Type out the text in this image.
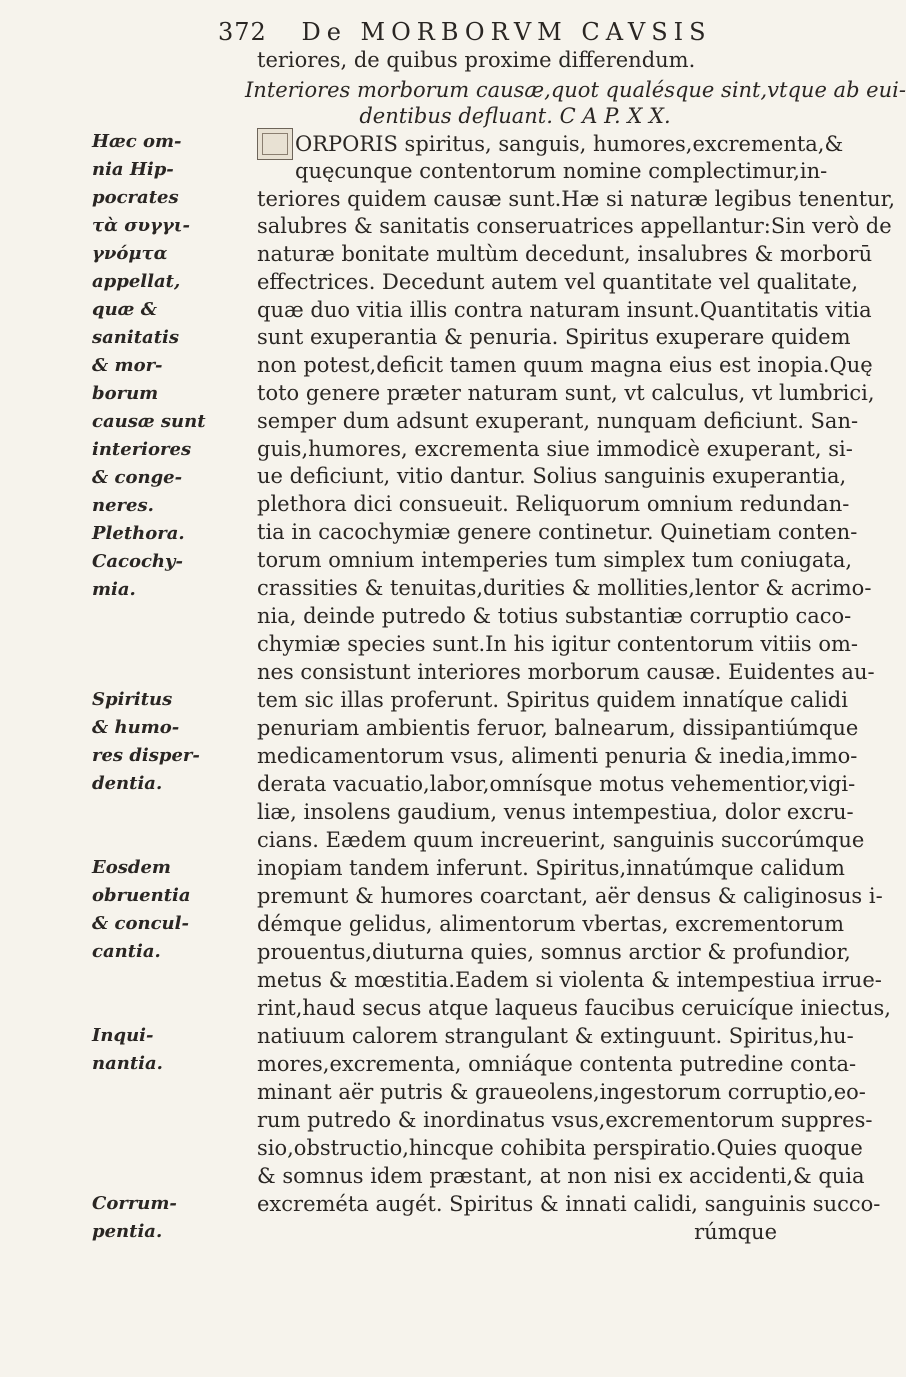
372 De MORBORVM CAVSIS
teriores, de quibus proxime differendum.
Interiores morborum causæ,quot qualésque sint,vtque ab eui-
dentibus defluant. C A P. X X.
ORPORIS spiritus, sanguis, humores,excrementa,&
quęcunque contentorum nomine complectimur,in-
teriores quidem causæ sunt.Hæ si naturæ legibus tenentur,
salubres & sanitatis conseruatrices appellantur:Sin verò de
naturæ bonitate multùm decedunt, insalubres & morborū
effectrices. Decedunt autem vel quantitate vel qualitate,
quæ duo vitia illis contra naturam insunt.Quantitatis vitia
sunt exuperantia & penuria. Spiritus exuperare quidem
non potest,deficit tamen quum magna eius est inopia.Quę
toto genere præter naturam sunt, vt calculus, vt lumbrici,
semper dum adsunt exuperant, nunquam deficiunt. San-
guis,humores, excrementa siue immodicè exuperant, si-
ue deficiunt, vitio dantur. Solius sanguinis exuperantia,
plethora dici consueuit. Reliquorum omnium redundan-
tia in cacochymiæ genere continetur. Quinetiam conten-
torum omnium intemperies tum simplex tum coniugata,
crassities & tenuitas,durities & mollities,lentor & acrimo-
nia, deinde putredo & totius substantiæ corruptio caco-
chymiæ species sunt.In his igitur contentorum vitiis om-
nes consistunt interiores morborum causæ. Euidentes au-
tem sic illas proferunt. Spiritus quidem innatíque calidi
penuriam ambientis feruor, balnearum, dissipantiúmque
medicamentorum vsus, alimenti penuria & inedia,immo-
derata vacuatio,labor,omnísque motus vehementior,vigi-
liæ, insolens gaudium, venus intempestiua, dolor excru-
cians. Eædem quum increuerint, sanguinis succorúmque
inopiam tandem inferunt. Spiritus,innatúmque calidum
premunt & humores coarctant, aër densus & caliginosus i-
démque gelidus, alimentorum vbertas, excrementorum
prouentus,diuturna quies, somnus arctior & profundior,
metus & mœstitia.Eadem si violenta & intempestiua irrue-
rint,haud secus atque laqueus faucibus ceruicíque iniectus,
natiuum calorem strangulant & extinguunt. Spiritus,hu-
mores,excrementa, omniáque contenta putredine conta-
minant aër putris & graueolens,ingestorum corruptio,eo-
rum putredo & inordinatus vsus,excrementorum suppres-
sio,obstructio,hincque cohibita perspiratio.Quies quoque
& somnus idem præstant, at non nisi ex accidenti,& quia
excreméta augét. Spiritus & innati calidi, sanguinis succo-
rúmque
Hæc om-
nia Hip-
pocrates
τὰ συγγι-
γνόμτα
appellat,
quæ &
sanitatis
& mor-
borum
causæ sunt
interiores
& conge-
neres.
Plethora.
Cacochy-
mia.
Spiritus
& humo-
res disper-
dentia.
Eosdem
obruentia
& concul-
cantia.
Inqui-
nantia.
Corrum-
pentia.
